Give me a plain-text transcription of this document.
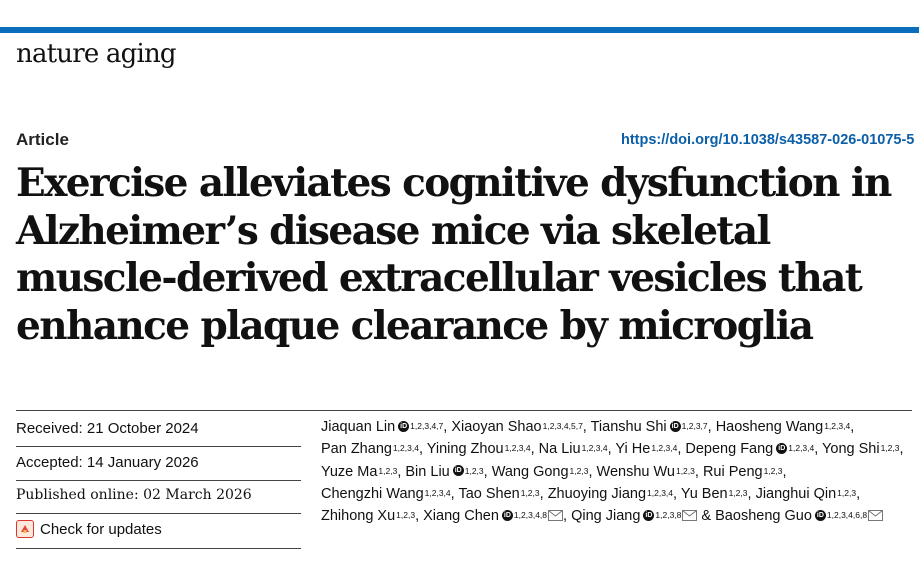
nature aging
Article	https://doi.org/10.1038/s43587-026-01075-5
Exercise alleviates cognitive dysfunction in Alzheimer’s disease mice via skeletal muscle-derived extracellular vesicles that enhance plaque clearance by microglia
Received: 21 October 2024
Accepted: 14 January 2026
Published online: 02 March 2026
Check for updates
Jiaquan Lin iD $^{1,2,3,4,7}$, Xiaoyan Shao$^{1,2,3,4,5,7}$, Tianshu Shi iD $^{1,2,3,7}$, Haosheng Wang$^{1,2,3,4}$, Pan Zhang$^{1,2,3,4}$, Yining Zhou$^{1,2,3,4}$, Na Liu$^{1,2,3,4}$, Yi He$^{1,2,3,4}$, Depeng Fang iD $^{1,2,3,4}$, Yong Shi$^{1,2,3}$, Yuze Ma$^{1,2,3}$, Bin Liu iD $^{1,2,3}$, Wang Gong$^{1,2,3}$, Wenshu Wu$^{1,2,3}$, Rui Peng$^{1,2,3}$, Chengzhi Wang$^{1,2,3,4}$, Tao Shen$^{1,2,3}$, Zhuoying Jiang$^{1,2,3,4}$, Yu Ben$^{1,2,3}$, Jianghui Qin$^{1,2,3}$, Zhihong Xu$^{1,2,3}$, Xiang Chen iD $^{1,2,3,4,8}$ , Qing Jiang iD $^{1,2,3,8}$ & Baosheng Guo iD $^{1,2,3,4,6,8}$
